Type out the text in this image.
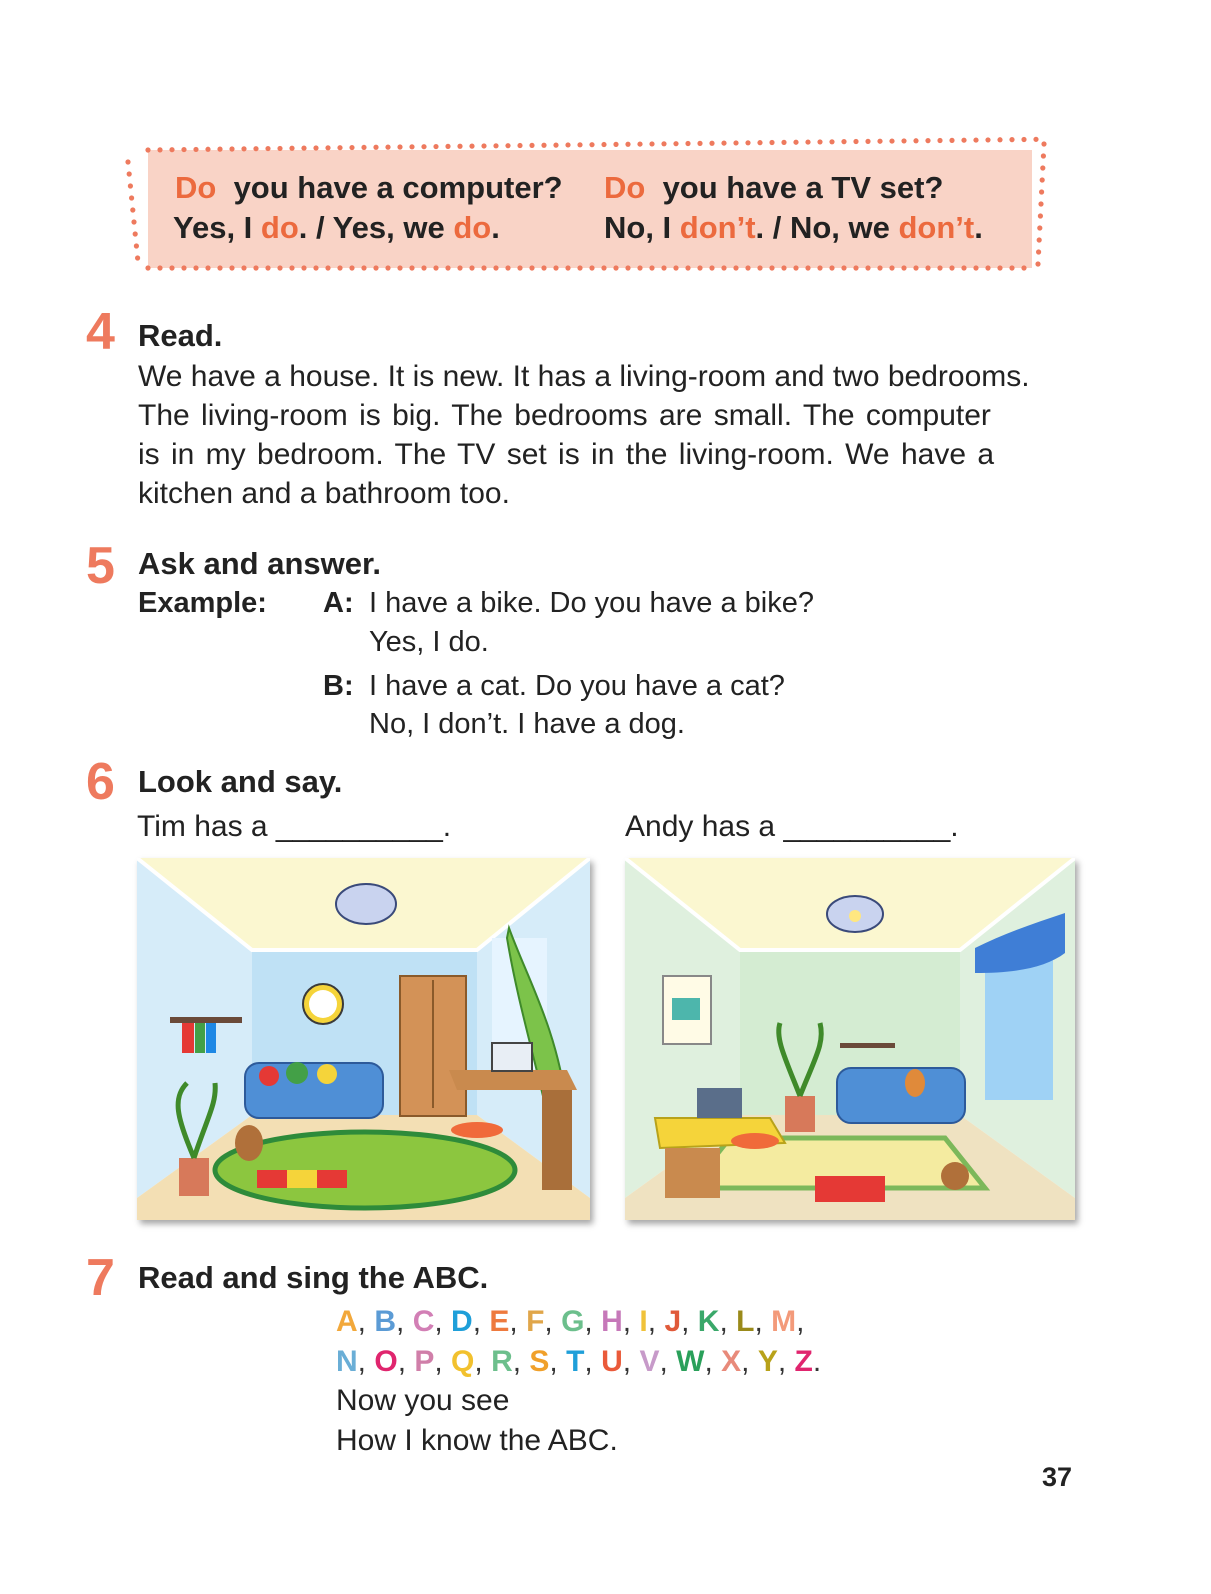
Do you have a computer?
Yes, I do. / Yes, we do.
Do you have a TV set?
No, I don’t. / No, we don’t.
4 Read.
We have a house. It is new. It has a living-room and two bedrooms.
The living-room is big. The bedrooms are small. The computer
is in my bedroom. The TV set is in the living-room. We have a
kitchen and a bathroom too.
5 Ask and answer.
Example: A: I have a bike. Do you have a bike?
Yes, I do.
B: I have a cat. Do you have a cat?
No, I don’t. I have a dog.
6 Look and say.
Tim has a __________.	Andy has a __________.
7 Read and sing the ABC.
A, B, C, D, E, F, G, H, I, J, K, L, M,
N, O, P, Q, R, S, T, U, V, W, X, Y, Z.
Now you see
How I know the ABC.
37
